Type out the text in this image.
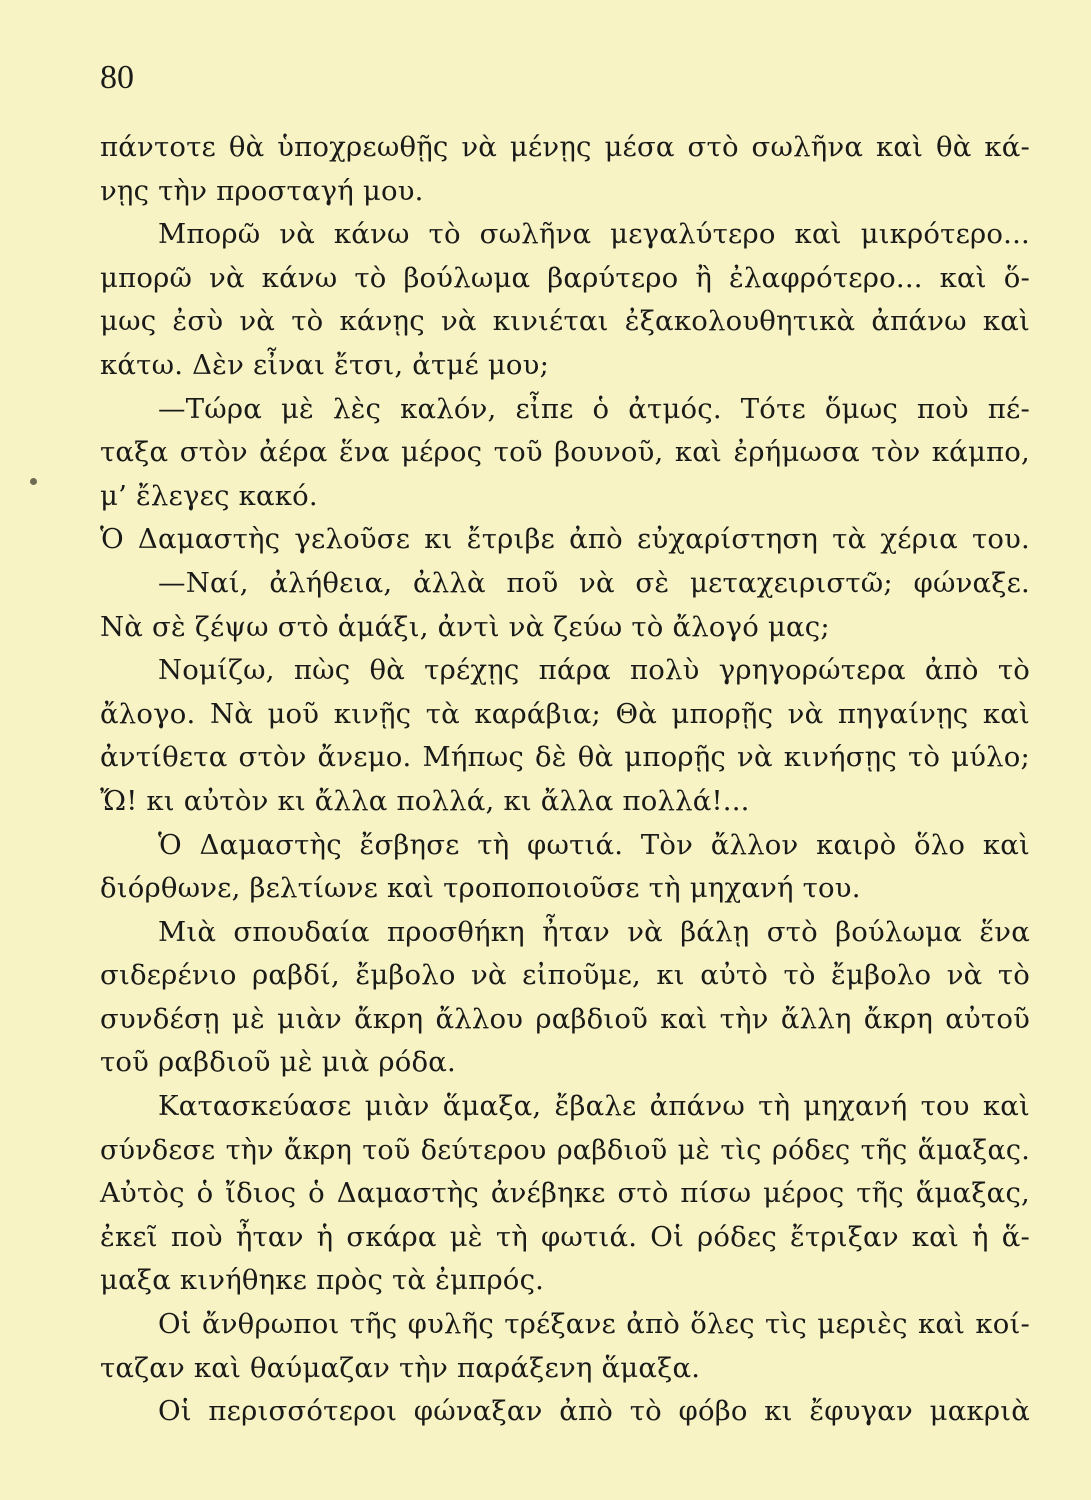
80
πάντοτε θὰ ὑποχρεωθῇς νὰ μένῃς μέσα στὸ σωλῆνα καὶ θὰ κά-
νῃς τὴν προσταγή μου.
Μπορῶ νὰ κάνω τὸ σωλῆνα μεγαλύτερο καὶ μικρότερο...
μπορῶ νὰ κάνω τὸ βούλωμα βαρύτερο ἢ ἐλαφρότερο... καὶ ὅ-
μως ἐσὺ νὰ τὸ κάνῃς νὰ κινιέται ἐξακολουθητικὰ ἀπάνω καὶ
κάτω. Δὲν εἶναι ἔτσι, ἀτμέ μου;
—Τώρα μὲ λὲς καλόν, εἶπε ὁ ἀτμός. Τότε ὅμως ποὺ πέ-
ταξα στὸν ἀέρα ἕνα μέρος τοῦ βουνοῦ, καὶ ἐρήμωσα τὸν κάμπο,
μ’ ἔλεγες κακό.
Ὁ Δαμαστὴς γελοῦσε κι ἔτριβε ἀπὸ εὐχαρίστηση τὰ χέρια του.
—Ναί, ἀλήθεια, ἀλλὰ ποῦ νὰ σὲ μεταχειριστῶ; φώναξε.
Νὰ σὲ ζέψω στὸ ἁμάξι, ἀντὶ νὰ ζεύω τὸ ἄλογό μας;
Νομίζω, πὼς θὰ τρέχῃς πάρα πολὺ γρηγορώτερα ἀπὸ τὸ
ἄλογο. Νὰ μοῦ κινῇς τὰ καράβια; Θὰ μπορῇς νὰ πηγαίνῃς καὶ
ἀντίθετα στὸν ἄνεμο. Μήπως δὲ θὰ μπορῇς νὰ κινήσῃς τὸ μύλο;
Ὤ! κι αὐτὸν κι ἄλλα πολλά, κι ἄλλα πολλά!...
Ὁ Δαμαστὴς ἔσβησε τὴ φωτιά. Τὸν ἄλλον καιρὸ ὅλο καὶ
διόρθωνε, βελτίωνε καὶ τροποποιοῦσε τὴ μηχανή του.
Μιὰ σπουδαία προσθήκη ἦταν νὰ βάλῃ στὸ βούλωμα ἕνα
σιδερένιο ραβδί, ἔμβολο νὰ εἰποῦμε, κι αὐτὸ τὸ ἔμβολο νὰ τὸ
συνδέσῃ μὲ μιὰν ἄκρη ἄλλου ραβδιοῦ καὶ τὴν ἄλλη ἄκρη αὐτοῦ
τοῦ ραβδιοῦ μὲ μιὰ ρόδα.
Κατασκεύασε μιὰν ἅμαξα, ἔβαλε ἀπάνω τὴ μηχανή του καὶ
σύνδεσε τὴν ἄκρη τοῦ δεύτερου ραβδιοῦ μὲ τὶς ρόδες τῆς ἅμαξας.
Αὐτὸς ὁ ἴδιος ὁ Δαμαστὴς ἀνέβηκε στὸ πίσω μέρος τῆς ἅμαξας,
ἐκεῖ ποὺ ἦταν ἡ σκάρα μὲ τὴ φωτιά. Οἱ ρόδες ἔτριξαν καὶ ἡ ἅ-
μαξα κινήθηκε πρὸς τὰ ἐμπρός.
Οἱ ἄνθρωποι τῆς φυλῆς τρέξανε ἀπὸ ὅλες τὶς μεριὲς καὶ κοί-
ταζαν καὶ θαύμαζαν τὴν παράξενη ἅμαξα.
Οἱ περισσότεροι φώναξαν ἀπὸ τὸ φόβο κι ἔφυγαν μακριὰ
